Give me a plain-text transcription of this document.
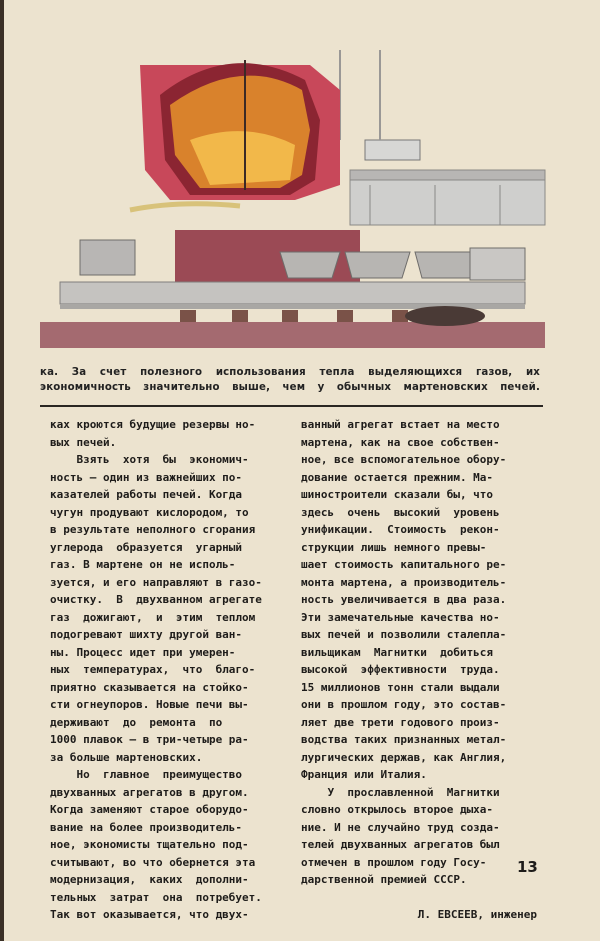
ка. За счет полезного использования тепла выделяющихся газов, их

экономичность значительно выше, чем у обычных мартеновских печей.

ках кроются будущие резервы но-
вых печей.
Взять  хотя  бы  экономич-
ность — один из важнейших по-
казателей работы печей. Когда
чугун продувают кислородом, то
в результате неполного сгорания
углерода  образуется  угарный
газ. В мартене он не исполь-
зуется, и его направляют в газо-
очистку.  В  двухванном агрегате
газ  дожигают,  и  этим  теплом
подогревают шихту другой ван-
ны. Процесс идет при умерен-
ных  температурах,  что  благо-
приятно сказывается на стойко-
сти огнеупоров. Новые печи вы-
держивают  до  ремонта  по
1000 плавок — в три-четыре ра-
за больше мартеновских.
Но  главное  преимущество
двухванных агрегатов в другом.
Когда заменяют старое оборудо-
вание на более производитель-
ное, экономисты тщательно под-
считывают, во что обернется эта
модернизация,  каких  дополни-
тельных  затрат  она  потребует.
Так вот оказывается, что двух-
ванный агрегат встает на место
мартена, как на свое собствен-
ное, все вспомогательное обору-
дование остается прежним. Ма-
шиностроители сказали бы, что
здесь  очень  высокий  уровень
унификации.  Стоимость  рекон-
струкции лишь немного превы-
шает стоимость капитального ре-
монта мартена, а производитель-
ность увеличивается в два раза.
Эти замечательные качества но-
вых печей и позволили сталепла-
вильщикам  Магнитки  добиться
высокой  эффективности  труда.
15 миллионов тонн стали выдали
они в прошлом году, это состав-
ляет две трети годового произ-
водства таких признанных метал-
лургических держав, как Англия,
Франция или Италия.
У  прославленной  Магнитки
словно открылось второе дыха-
ние. И не случайно труд созда-
телей двухванных агрегатов был
отмечен в прошлом году Госу-
дарственной премией СССР.

Л. ЕВСЕЕВ, инженер
13
